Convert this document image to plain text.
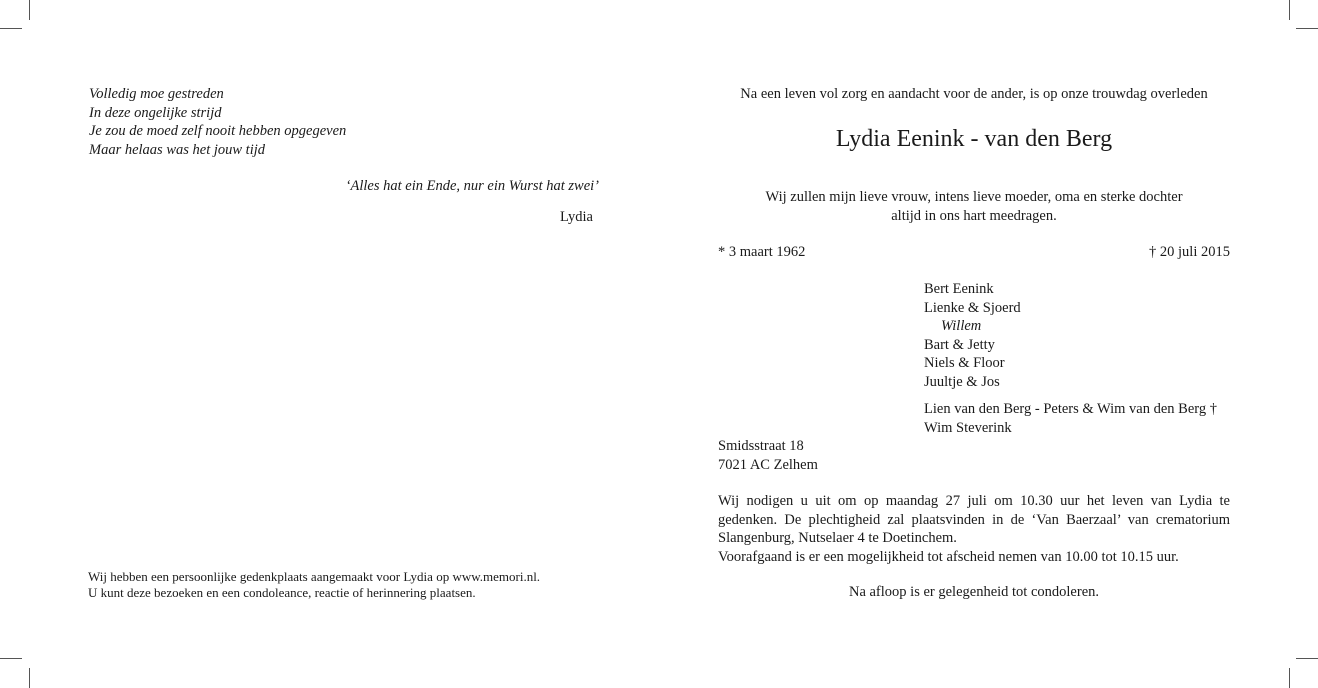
Volledig moe gestreden
In deze ongelijke strijd
Je zou de moed zelf nooit hebben opgegeven
Maar helaas was het jouw tijd
‘Alles hat ein Ende, nur ein Wurst hat zwei’
Lydia
Wij hebben een persoonlijke gedenkplaats aangemaakt voor Lydia op www.memori.nl.
U kunt deze bezoeken en een condoleance, reactie of herinnering plaatsen.
Na een leven vol zorg en aandacht voor de ander, is op onze trouwdag overleden
Lydia Eenink - van den Berg
Wij zullen mijn lieve vrouw, intens lieve moeder, oma en sterke dochter
altijd in ons hart meedragen.
* 3 maart 1962	† 20 juli 2015
Bert Eenink
Lienke & Sjoerd
Willem
Bart & Jetty
Niels & Floor
Juultje & Jos
Lien van den Berg - Peters & Wim van den Berg †
Wim Steverink
Smidsstraat 18
7021 AC Zelhem
Wij nodigen u uit om op maandag 27 juli om 10.30 uur het leven van Lydia te
gedenken. De plechtigheid zal plaatsvinden in de ‘Van Baerzaal’ van crematorium
Slangenburg, Nutselaer 4 te Doetinchem.
Voorafgaand is er een mogelijkheid tot afscheid nemen van 10.00 tot 10.15 uur.
Na afloop is er gelegenheid tot condoleren.
